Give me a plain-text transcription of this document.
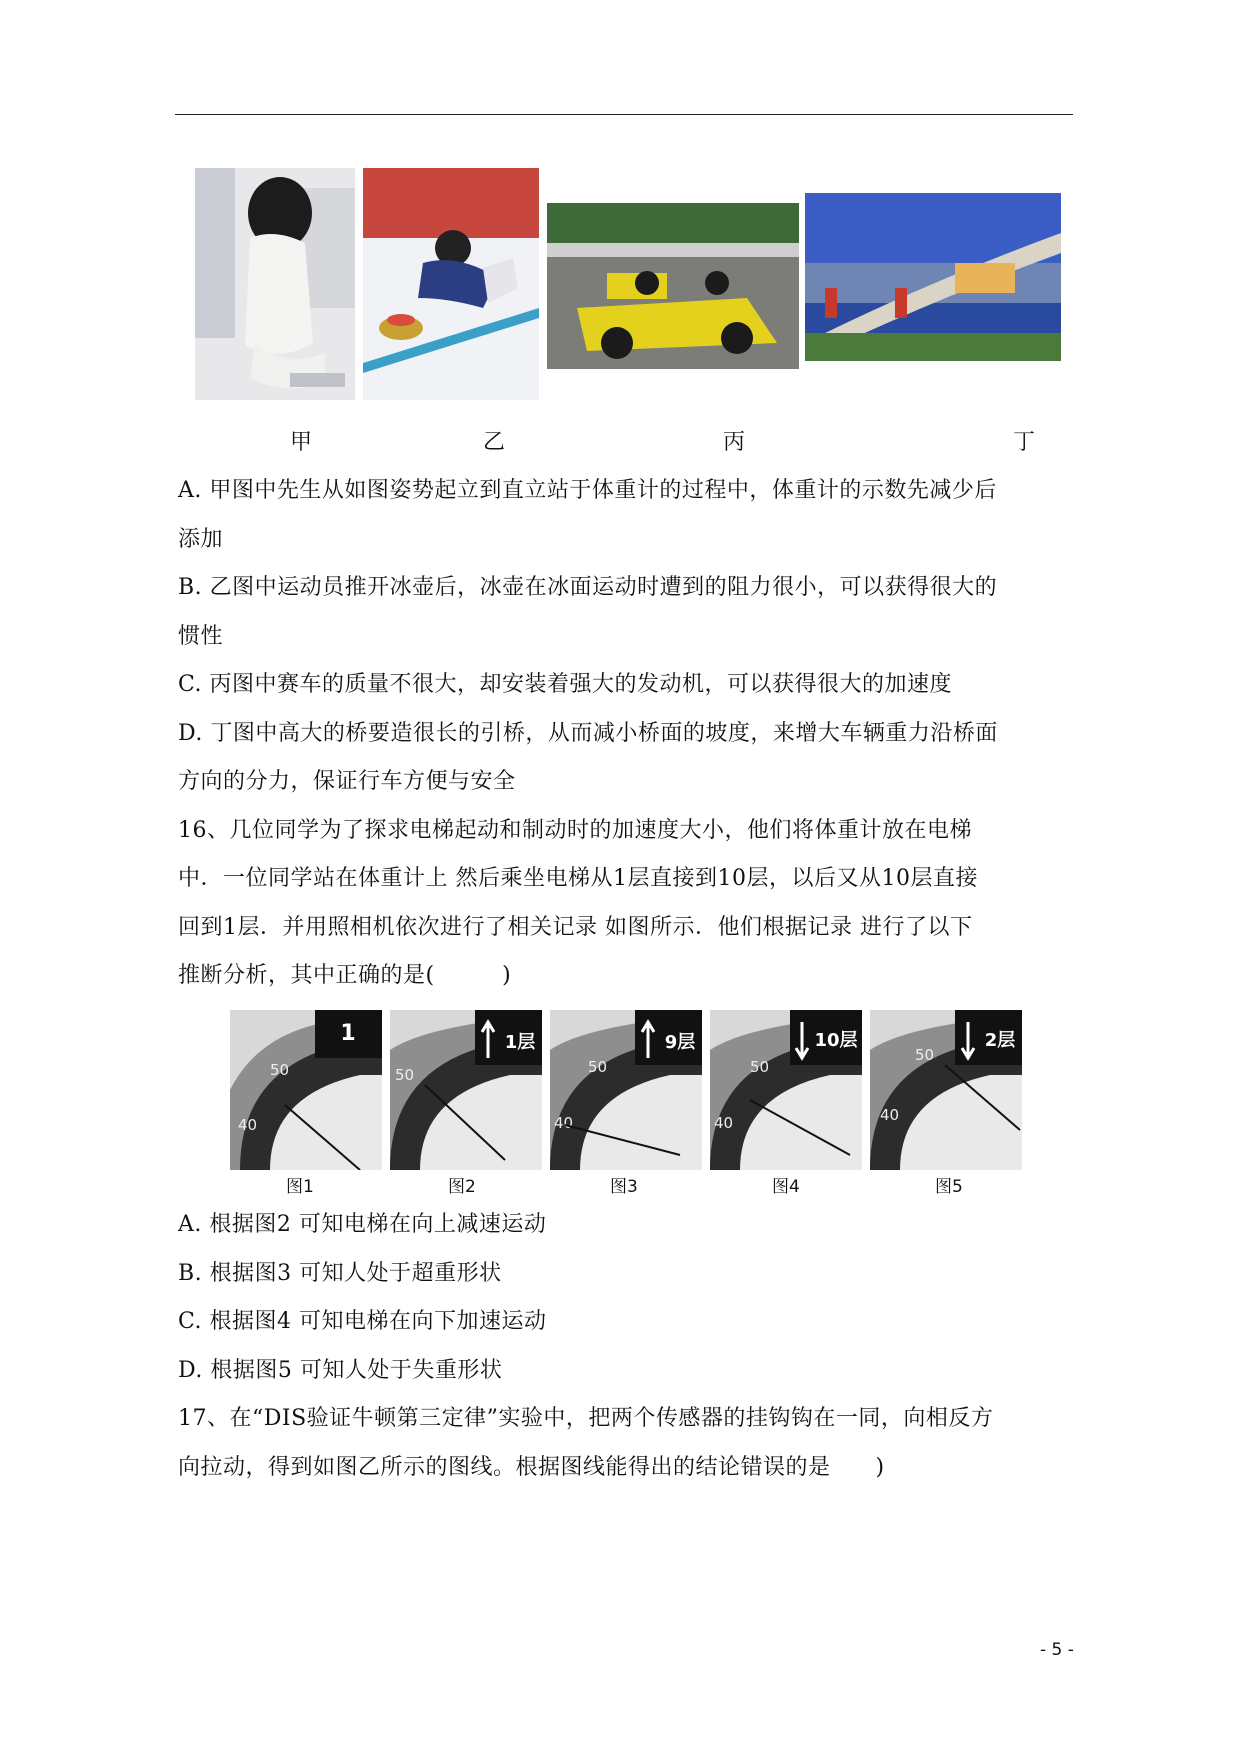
甲	乙	丙	丁
A. 甲图中先生从如图姿势起立到直立站于体重计的过程中，体重计的示数先减少后
添加
B. 乙图中运动员推开冰壶后，冰壶在冰面运动时遭到的阻力很小，可以获得很大的
惯性
C. 丙图中赛车的质量不很大，却安装着强大的发动机，可以获得很大的加速度
D. 丁图中高大的桥要造很长的引桥，从而减小桥面的坡度，来增大车辆重力沿桥面
方向的分力，保证行车方便与安全
16、几位同学为了探求电梯起动和制动时的加速度大小，他们将体重计放在电梯
中．一位同学站在体重计上 然后乘坐电梯从1层直接到10层，以后又从10层直接
回到1层．并用照相机依次进行了相关记录 如图所示．他们根据记录 进行了以下
推断分析，其中正确的是(　　　)
50
40
1
50
1层
50
40
9层
50
40
10层
50
40
2层
图1	图2	图3	图4	图5
A. 根据图2 可知电梯在向上减速运动
B. 根据图3 可知人处于超重形状
C. 根据图4 可知电梯在向下加速运动
D. 根据图5 可知人处于失重形状
17、在“DIS验证牛顿第三定律”实验中，把两个传感器的挂钩钩在一同，向相反方
向拉动，得到如图乙所示的图线。根据图线能得出的结论错误的是　　)
- 5 -
